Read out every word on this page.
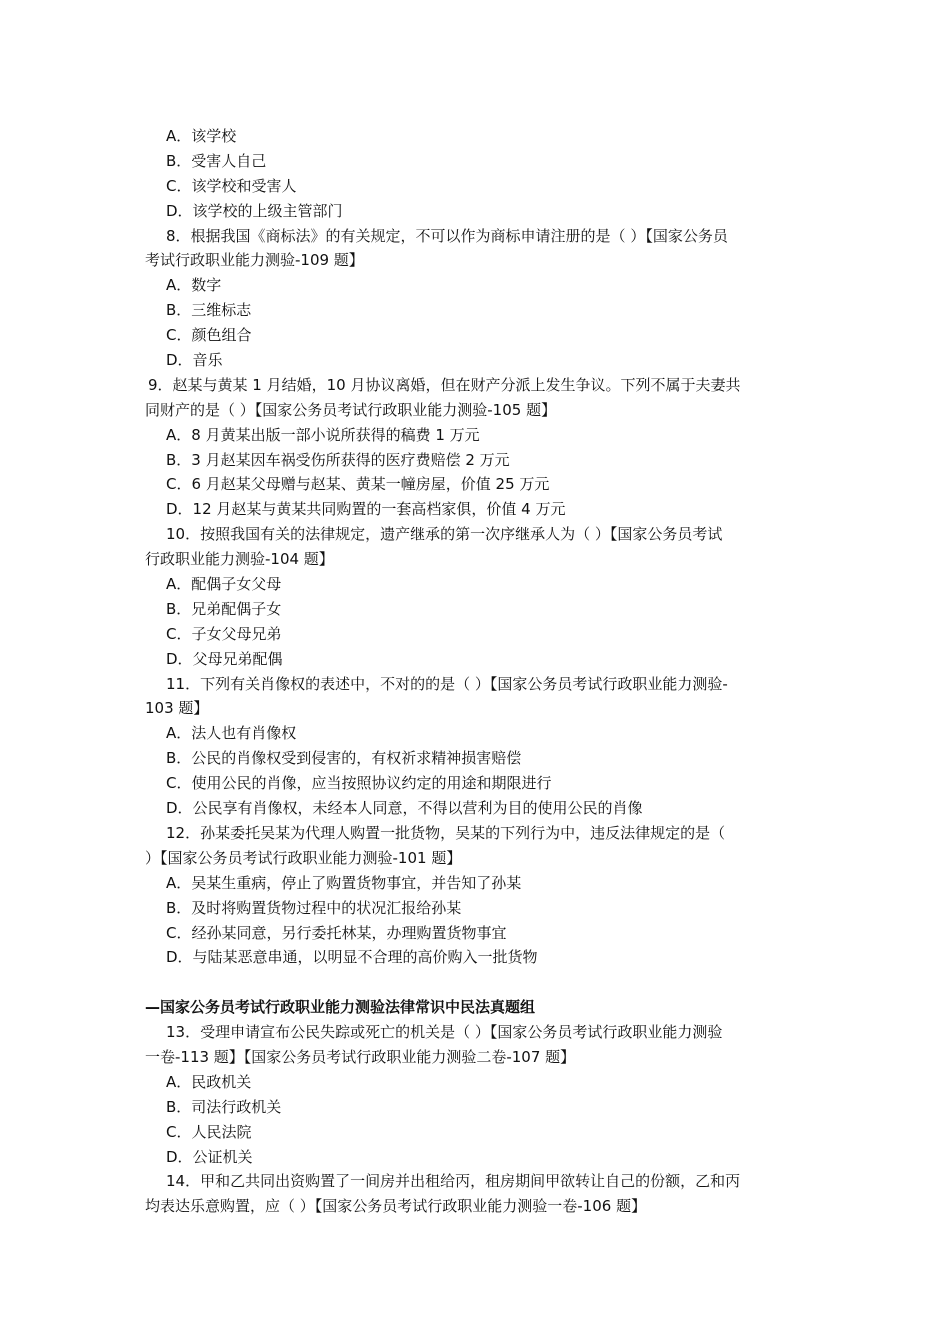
A．该学校
B．受害人自己
C．该学校和受害人
D．该学校的上级主管部门
8．根据我国《商标法》的有关规定，不可以作为商标申请注册的是（ ）【国家公务员
考试行政职业能力测验-109 题】
A．数字
B．三维标志
C．颜色组合
D．音乐
9．赵某与黄某 1 月结婚，10 月协议离婚，但在财产分派上发生争议。下列不属于夫妻共
同财产的是（ ）【国家公务员考试行政职业能力测验-105 题】
A．8 月黄某出版一部小说所获得的稿费 1 万元
B．3 月赵某因车祸受伤所获得的医疗费赔偿 2 万元
C．6 月赵某父母赠与赵某、黄某一幢房屋，价值 25 万元
D．12 月赵某与黄某共同购置的一套高档家俱，价值 4 万元
10．按照我国有关的法律规定，遗产继承的第一次序继承人为（ ）【国家公务员考试
行政职业能力测验-104 题】
A．配偶子女父母
B．兄弟配偶子女
C．子女父母兄弟
D．父母兄弟配偶
11．下列有关肖像权的表述中，不对的的是（ ）【国家公务员考试行政职业能力测验-
103 题】
A．法人也有肖像权
B．公民的肖像权受到侵害的，有权祈求精神损害赔偿
C．使用公民的肖像，应当按照协议约定的用途和期限进行
D．公民享有肖像权，未经本人同意，不得以营利为目的使用公民的肖像
12．孙某委托吴某为代理人购置一批货物，吴某的下列行为中，违反法律规定的是（
）【国家公务员考试行政职业能力测验-101 题】
A．吴某生重病，停止了购置货物事宜，并告知了孙某
B．及时将购置货物过程中的状况汇报给孙某
C．经孙某同意，另行委托林某，办理购置货物事宜
D．与陆某恶意串通，以明显不合理的高价购入一批货物
—国家公务员考试行政职业能力测验法律常识中民法真题组
13．受理申请宣布公民失踪或死亡的机关是（ ）【国家公务员考试行政职业能力测验
一卷-113 题】【国家公务员考试行政职业能力测验二卷-107 题】
A．民政机关
B．司法行政机关
C．人民法院
D．公证机关
14．甲和乙共同出资购置了一间房并出租给丙，租房期间甲欲转让自己的份额，乙和丙
均表达乐意购置，应（ ）【国家公务员考试行政职业能力测验一卷-106 题】
